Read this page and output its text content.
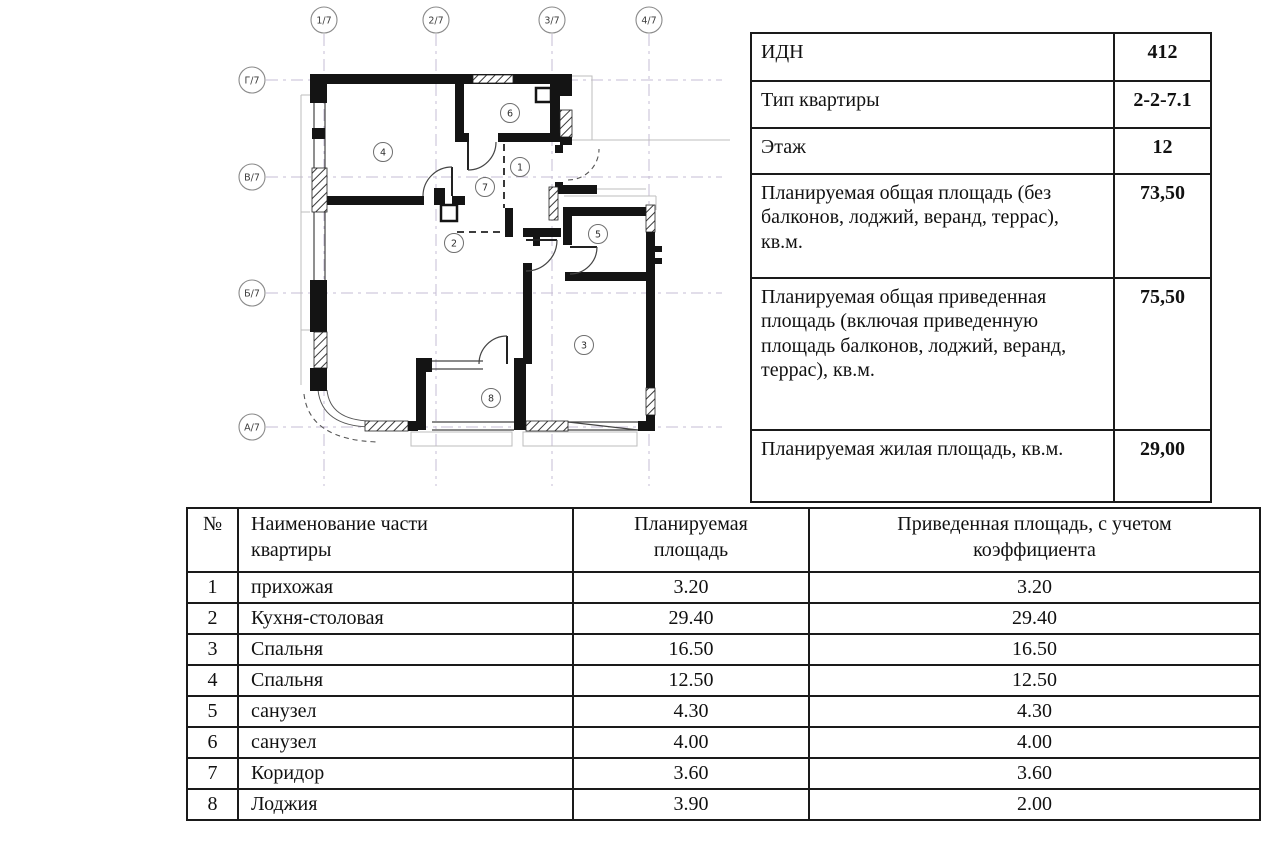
1/7	2/7	3/7	4/7
Г/7
В/7
Б/7
А/7
1
2
3
4
5
6
7
8
ИДН	412
Тип квартиры	2-2-7.1
Этаж	12
Планируемая общая площадь (без балконов, лоджий, веранд, террас), кв.м.	73,50
Планируемая общая приведенная площадь (включая приведенную площадь балконов, лоджий, веранд, террас), кв.м.	75,50
Планируемая жилая площадь, кв.м.	29,00
№	Наименование части квартиры	Планируемая площадь	Приведенная площадь, с учетом коэффициента
1	прихожая	3.20	3.20
2	Кухня-столовая	29.40	29.40
3	Спальня	16.50	16.50
4	Спальня	12.50	12.50
5	санузел	4.30	4.30
6	санузел	4.00	4.00
7	Коридор	3.60	3.60
8	Лоджия	3.90	2.00
